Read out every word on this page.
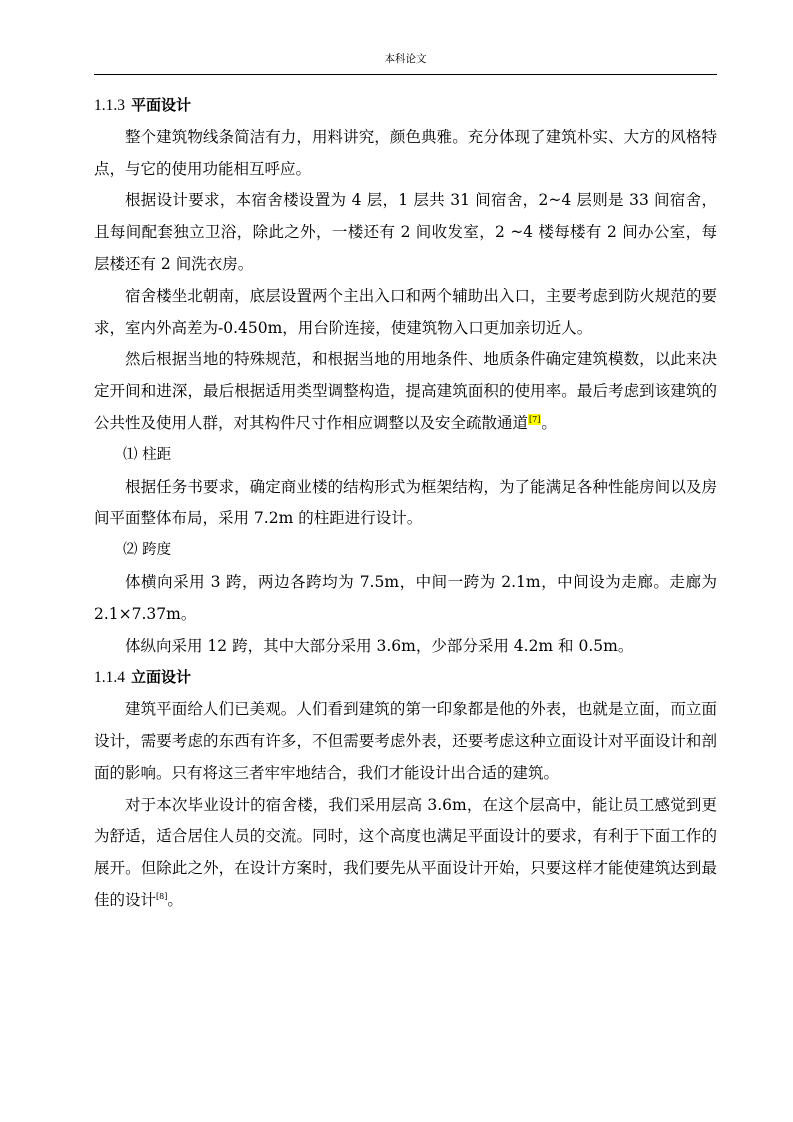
本科论文
1.1.3 平面设计

整个建筑物线条简洁有力，用料讲究，颜色典雅。充分体现了建筑朴实、大方的风格特点，与它的使用功能相互呼应。

根据设计要求，本宿舍楼设置为 4 层，1 层共 31 间宿舍，2~4 层则是 33 间宿舍，且每间配套独立卫浴，除此之外，一楼还有 2 间收发室，2 ~4 楼每楼有 2 间办公室，每层楼还有 2 间洗衣房。

宿舍楼坐北朝南，底层设置两个主出入口和两个辅助出入口，主要考虑到防火规范的要求，室内外高差为-0.450m，用台阶连接，使建筑物入口更加亲切近人。

然后根据当地的特殊规范，和根据当地的用地条件、地质条件确定建筑模数，以此来决定开间和进深，最后根据适用类型调整构造，提高建筑面积的使用率。最后考虑到该建筑的公共性及使用人群，对其构件尺寸作相应调整以及安全疏散通道[7]。

⑴ 柱距

根据任务书要求，确定商业楼的结构形式为框架结构，为了能满足各种性能房间以及房间平面整体布局，采用 7.2m 的柱距进行设计。

⑵ 跨度

体横向采用 3 跨，两边各跨均为 7.5m，中间一跨为 2.1m，中间设为走廊。走廊为 2.1×7.37m。

体纵向采用 12 跨，其中大部分采用 3.6m，少部分采用 4.2m 和 0.5m。

1.1.4 立面设计

建筑平面给人们已美观。人们看到建筑的第一印象都是他的外表，也就是立面，而立面设计，需要考虑的东西有许多，不但需要考虑外表，还要考虑这种立面设计对平面设计和剖面的影响。只有将这三者牢牢地结合，我们才能设计出合适的建筑。

对于本次毕业设计的宿舍楼，我们采用层高 3.6m，在这个层高中，能让员工感觉到更为舒适，适合居住人员的交流。同时，这个高度也满足平面设计的要求，有利于下面工作的展开。但除此之外，在设计方案时，我们要先从平面设计开始，只要这样才能使建筑达到最佳的设计[8]。
